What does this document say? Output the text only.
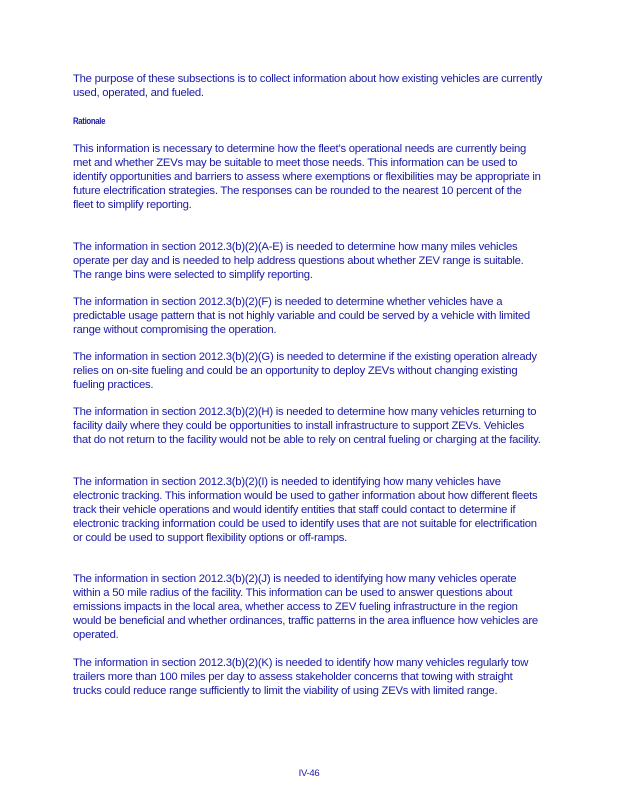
The purpose of these subsections is to collect information about how existing vehicles are currently used, operated, and fueled.

Rationale

This information is necessary to determine how the fleet’s operational needs are currently being met and whether ZEVs may be suitable to meet those needs. This information can be used to identify opportunities and barriers to assess where exemptions or flexibilities may be appropriate in future electrification strategies. The responses can be rounded to the nearest 10 percent of the fleet to simplify reporting.

The information in section 2012.3(b)(2)(A-E) is needed to determine how many miles vehicles operate per day and is needed to help address questions about whether ZEV range is suitable. The range bins were selected to simplify reporting.

The information in section 2012.3(b)(2)(F) is needed to determine whether vehicles have a predictable usage pattern that is not highly variable and could be served by a vehicle with limited range without compromising the operation.

The information in section 2012.3(b)(2)(G) is needed to determine if the existing operation already relies on on-site fueling and could be an opportunity to deploy ZEVs without changing existing fueling practices.

The information in section 2012.3(b)(2)(H) is needed to determine how many vehicles returning to facility daily where they could be opportunities to install infrastructure to support ZEVs. Vehicles that do not return to the facility would not be able to rely on central fueling or charging at the facility.

The information in section 2012.3(b)(2)(I) is needed to identifying how many vehicles have electronic tracking. This information would be used to gather information about how different fleets track their vehicle operations and would identify entities that staff could contact to determine if electronic tracking information could be used to identify uses that are not suitable for electrification or could be used to support flexibility options or off-ramps.

The information in section 2012.3(b)(2)(J) is needed to identifying how many vehicles operate within a 50 mile radius of the facility. This information can be used to answer questions about emissions impacts in the local area, whether access to ZEV fueling infrastructure in the region would be beneficial and whether ordinances, traffic patterns in the area influence how vehicles are operated.

The information in section 2012.3(b)(2)(K) is needed to identify how many vehicles regularly tow trailers more than 100 miles per day to assess stakeholder concerns that towing with straight trucks could reduce range sufficiently to limit the viability of using ZEVs with limited range.

IV-46
